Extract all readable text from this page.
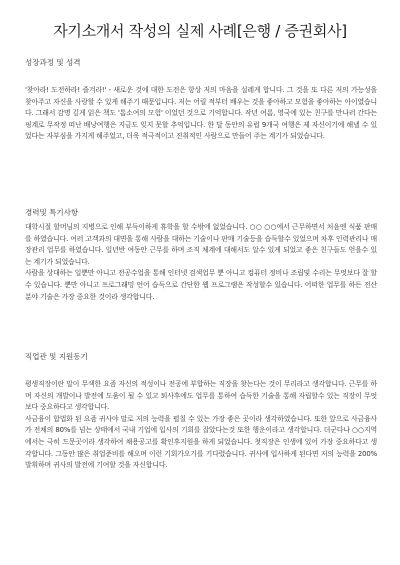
자기소개서 작성의 실제 사례[은행 / 증권회사]

성장과정 및 성격

'찾아라! 도전하라! 즐겨라!' - 새로운 것에 대한 도전은 항상 저의 마음을 설레게 합니다. 그 것을 또 다른 저의 가능성을 찾아주고 자신을 사랑할 수 있게 해주기 때문입니다. 저는 어릴 적부터 배우는 것을 좋아하고 모험을 좋아하는 아이였습니다. 그래서 감명 깊게 읽은 책도 '톰소여의 모험' 이었던 것으로 기억합니다. 작년 여름, 영국에 있는 친구를 만나러 간다는 핑계로 무작정 떠난 배낭여행은 지금도 잊지 못할 추억입니다. 한 달 동안의 유럽 9개국 여행은 제 자신이기에 해낼 수 있었다는 자부심을 가지게 해주었고, 더욱 적극적이고 진취적인 사람으로 만들어 주는 계기가 되었습니다.

경력및 특기사항

대학시절 할머님의 지병으로 인해 부득이하게 휴학을 할 수밖에 없었습니다. ○○ ○○에서 근무하면서 처음엔 식품 판매를 하였습니다. 여러 고객과의 대면을 통해 사람을 대하는 기술이나 판매 기술등을 습득할수 있었으며 차후 인력관리나 매장관리 업무를 하였습니다. 일년반 여동안 근무를 하며 조직 체계에 대해서도 알수 있게 되었고 좋은 친구들도 얻을수 있는 계기가 되었습니다.

사람을 상대하는 일뿐만 아니고 전공수업을 통해 인터넷 검색업무 뿐 아니고 컴퓨터 정비나 조립및 수리는 무엇보다 잘 할수 있습니다. 뿐만 아니고 프로그래밍 언어 습득으로 간단한 웹 프로그램은 작성할수 있습니다. 어떠한 업무를 하든 전산 분야 기술은 가장 중요한 것이라 생각합니다.

직업관 및 지원동기

평생직장이란 말이 무색한 요즘 자신의 적성이나 전공에 부합하는 직장을 찾는다는 것이 무리라고 생각합니다. 근무를 하며 자신의 개발이나 발전에 도움이 될 수 있고 퇴사후에도 업무를 통하여 습득한 기술을 통해 자립할수 있는 직장이 무엇보다 중요하다고 생각합니다.

사금융이 합법화 된 요즘 귀사야 말로 저의 능력을 펼칠 수 있는 가장 좋은 곳이라 생각하였습니다. 또한 앞으로 사금융사가 전체의 80%를 넘는 상태에서 국내 기업에 입사의 기회를 잡았다는것 또한 행운이라고 생각합니다. 더군다나 ○○지역에서는 극히 드문곳이라 생각하여 채용공고를 확인후지원을 하게 되었습니다. 첫직장은 인생에 있어 가장 중요하다고 생각합니다. 그동안 많은 취업준비를 해오며 이런 기회가오기를 기다렸습니다. 귀사에 입사하게 된다면 저의 능력을 200%발휘하며 귀사의 발전에 기여할 것을 자신합니다.
